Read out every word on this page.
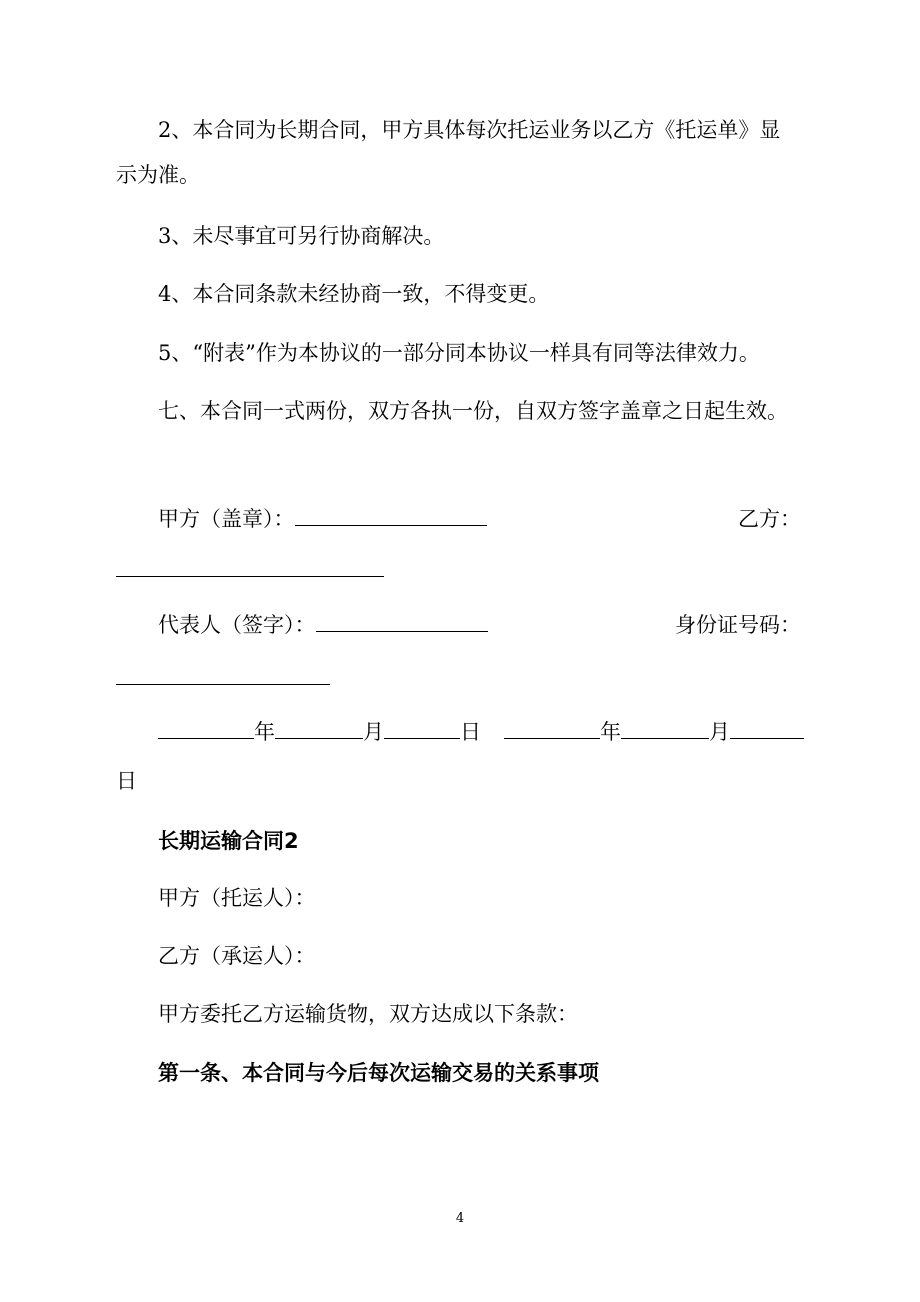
2、本合同为长期合同，甲方具体每次托运业务以乙方《托运单》显
示为准。
3、未尽事宜可另行协商解决。
4、本合同条款未经协商一致，不得变更。
5、“附表”作为本协议的一部分同本协议一样具有同等法律效力。
七、本合同一式两份，双方各执一份，自双方签字盖章之日起生效。
甲方（盖章）：	乙方：
代表人（签字）：	身份证号码：
年	月	日	年	月
日
长期运输合同2
甲方（托运人）：
乙方（承运人）：
甲方委托乙方运输货物，双方达成以下条款：
第一条、本合同与今后每次运输交易的关系事项
4
